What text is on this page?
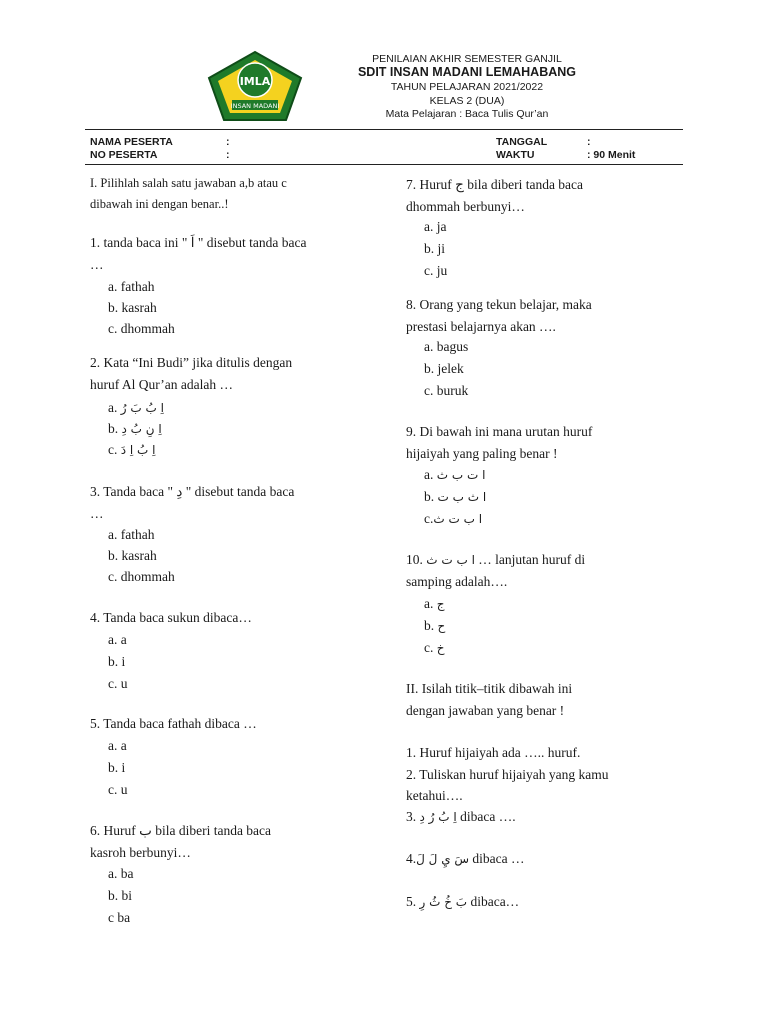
IMLA
INSAN MADANI
PENILAIAN AKHIR SEMESTER GANJIL
SDIT INSAN MADANI LEMAHABANG
TAHUN PELAJARAN 2021/2022
KELAS 2 (DUA)
Mata Pelajaran : Baca Tulis Qur’an
NAMA PESERTA	:
NO PESERTA	:
TANGGAL	:
WAKTU	: 90 Menit
I. Pilihlah salah satu jawaban a,b atau c
dibawah ini dengan benar..!
1. tanda baca ini " اَ " disebut tanda baca
…
a. fathah
b. kasrah
c. dhommah
2. Kata “Ini Budi” jika ditulis dengan
huruf Al Qur’an adalah …
a. اِ بُ بَ رُ
b. اِ نِ بُ دِ
c. اِ بُ اِ دَ
3. Tanda baca " دِ " disebut tanda baca
…
a. fathah
b. kasrah
c. dhommah
4. Tanda baca sukun dibaca…
a. a
b. i
c. u
5. Tanda baca fathah dibaca …
a. a
b. i
c. u
6. Huruf ب bila diberi tanda baca
kasroh berbunyi…
a. ba
b. bi
c ba
7. Huruf ج bila diberi tanda baca
dhommah berbunyi…
a. ja
b. ji
c. ju
8. Orang yang tekun belajar, maka
prestasi belajarnya akan ….
a. bagus
b. jelek
c. buruk
9. Di bawah ini mana urutan huruf
hijaiyah yang paling benar !
a. ا ت ب ث
b. ا ث ب ت
c.ا ب ت ث
10. ا ب ت ث … lanjutan huruf di
samping adalah….
a. ج
b. ح
c. خ
II. Isilah titik–titik dibawah ini
dengan jawaban yang benar !
1. Huruf hijaiyah ada ….. huruf.
2. Tuliskan huruf hijaiyah yang kamu
ketahui….
3. اِ بُ رُ دِ dibaca ….
4.سَ يِ لَ لَ dibaca …
5. بَ خُ ثُ رِ dibaca…
